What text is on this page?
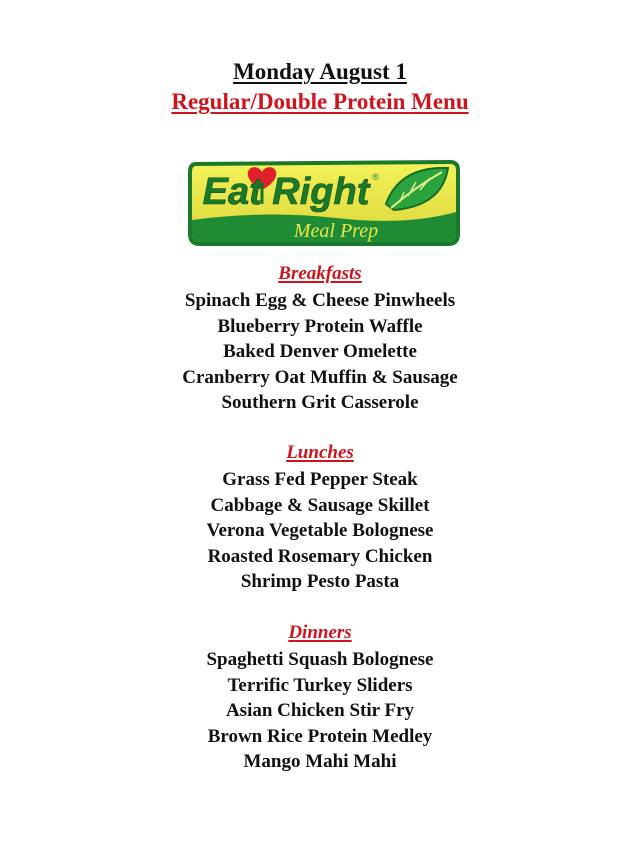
Monday August 1
Regular/Double Protein Menu
Eat Right ®
Meal Prep
Breakfasts
Spinach Egg & Cheese Pinwheels
Blueberry Protein Waffle
Baked Denver Omelette
Cranberry Oat Muffin & Sausage
Southern Grit Casserole
Lunches
Grass Fed Pepper Steak
Cabbage & Sausage Skillet
Verona Vegetable Bolognese
Roasted Rosemary Chicken
Shrimp Pesto Pasta
Dinners
Spaghetti Squash Bolognese
Terrific Turkey Sliders
Asian Chicken Stir Fry
Brown Rice Protein Medley
Mango Mahi Mahi
